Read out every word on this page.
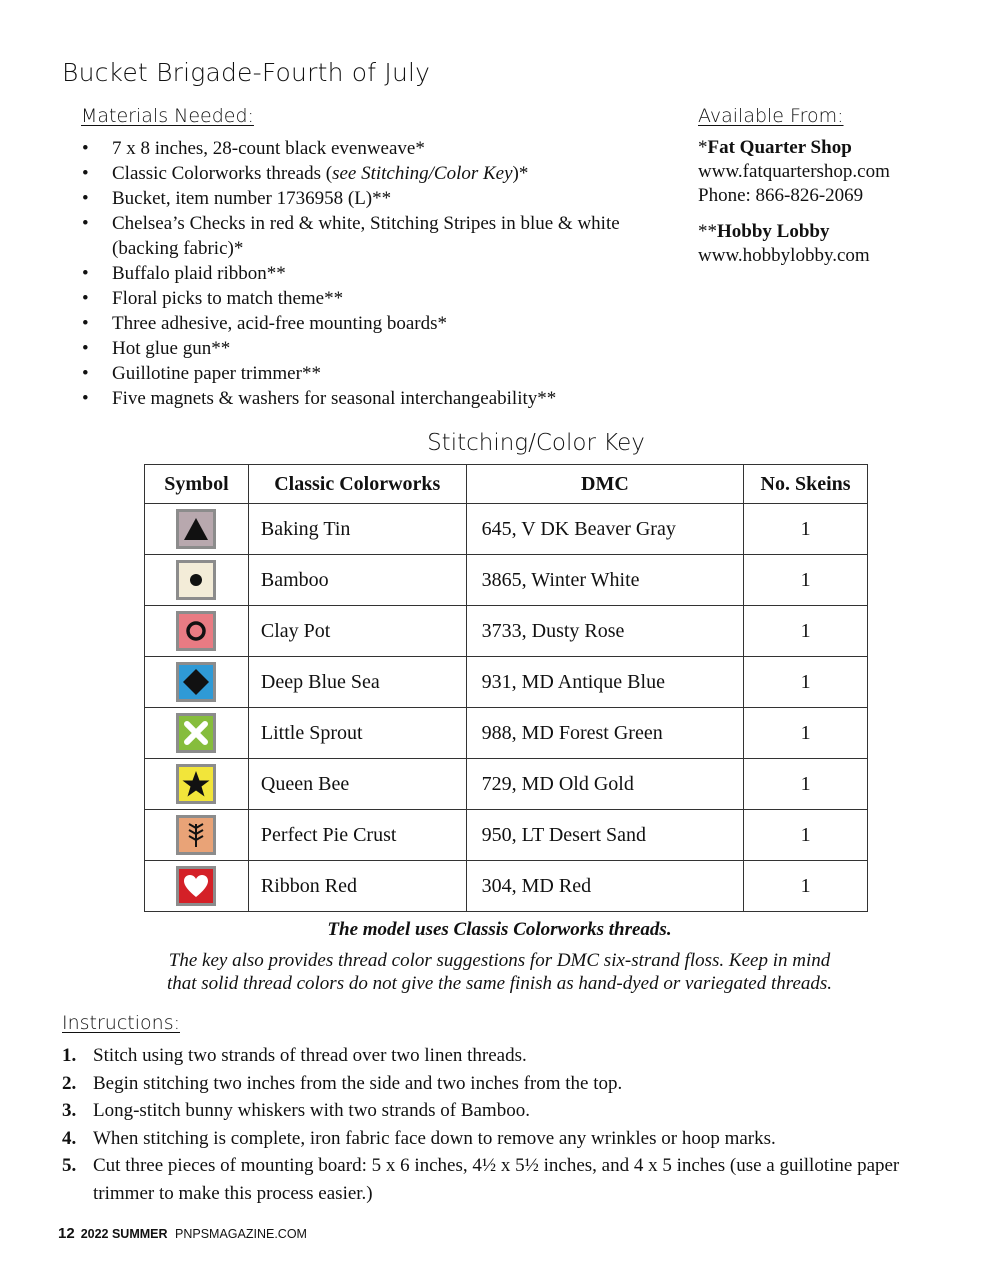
Bucket Brigade-Fourth of July
Materials Needed:
• 7 x 8 inches, 28-count black evenweave*
• Classic Colorworks threads (see Stitching/Color Key)*
• Bucket, item number 1736958 (L)**
• Chelsea’s Checks in red & white, Stitching Stripes in blue & white (backing fabric)*
• Buffalo plaid ribbon**
• Floral picks to match theme**
• Three adhesive, acid-free mounting boards*
• Hot glue gun**
• Guillotine paper trimmer**
• Five magnets & washers for seasonal interchangeability**
Available From:
*Fat Quarter Shop
www.fatquartershop.com
Phone: 866-826-2069
**Hobby Lobby
www.hobbylobby.com
Stitching/Color Key
Symbol	Classic Colorworks	DMC	No. Skeins

	Baking Tin	645, V DK Beaver Gray	1

	Bamboo	3865, Winter White	1

	Clay Pot	3733, Dusty Rose	1

	Deep Blue Sea	931, MD Antique Blue	1

	Little Sprout	988, MD Forest Green	1

	Queen Bee	729, MD Old Gold	1

	Perfect Pie Crust	950, LT Desert Sand	1

	Ribbon Red	304, MD Red	1
The model uses Classis Colorworks threads.
The key also provides thread color suggestions for DMC six-strand floss. Keep in mind
that solid thread colors do not give the same finish as hand-dyed or variegated threads.
Instructions:
1. Stitch using two strands of thread over two linen threads.
2. Begin stitching two inches from the side and two inches from the top.
3. Long-stitch bunny whiskers with two strands of Bamboo.
4. When stitching is complete, iron fabric face down to remove any wrinkles or hoop marks.
5. Cut three pieces of mounting board: 5 x 6 inches, 4½ x 5½ inches, and 4 x 5 inches (use a guillotine paper trimmer to make this process easier.)
12 2022 SUMMER PNPSMAGAZINE.COM
